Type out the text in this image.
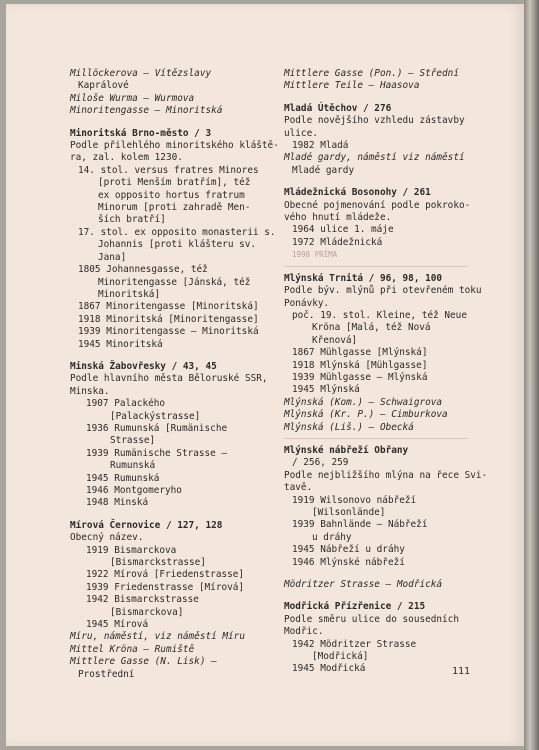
Millöckerova — Vítězslavy
Kaprálové
Miloše Wurma — Wurmova
Minoritengasse — Minoritská
Minoritská Brno-město / 3
Podle přilehlého minoritského kláště-
ra, zal. kolem 1230.
14. stol. versus fratres Minores
[proti Menším bratřím], též
ex opposito hortus fratrum
Minorum [proti zahradě Men-
ších bratří]
17. stol. ex opposito monasterii s.
Johannis [proti klášteru sv.
Jana]
1805 Johannesgasse, též
Minoritengasse [Jánská, též
Minoritská]
1867 Minoritengasse [Minoritská]
1918 Minoritská [Minoritengasse]
1939 Minoritengasse — Minoritská
1945 Minoritská
Minská Žabovřesky / 43, 45
Podle hlavního města Běloruské SSR,
Minska.
1907 Palackého
[Palackýstrasse]
1936 Rumunská [Rumänische
Strasse]
1939 Rumänische Strasse —
Rumunská
1945 Rumunská
1946 Montgomeryho
1948 Minská
Mírová Černovice / 127, 128
Obecný název.
1919 Bismarckova
[Bismarckstrasse]
1922 Mírová [Friedenstrasse]
1939 Friedenstrasse [Mírová]
1942 Bismarckstrasse
[Bismarckova]
1945 Mírová
Míru, náměstí, viz náměstí Míru
Mittel Kröna — Rumiště
Mittlere Gasse (N. Lisk) —
Prostřední
Mittlere Gasse (Pon.) — Střední
Mittlere Teile — Haasova
Mladá Útěchov / 276
Podle novějšího vzhledu zástavby
ulice.
1982 Mladá
Mladé gardy, náměstí viz náměstí
Mladé gardy
Mládežnická Bosonohy / 261
Obecné pojmenování podle pokroko-
vého hnutí mládeže.
1964 ulice 1. máje
1972 Mládežnická
1998 PRÍMA
Mlýnská Trnitá / 96, 98, 100
Podle býv. mlýnů při otevřeném toku
Ponávky.
poč. 19. stol. Kleine, též Neue
Kröna [Malá, též Nová
Křenová]
1867 Mühlgasse [Mlýnská]
1918 Mlýnská [Mühlgasse]
1939 Mühlgasse — Mlýnská
1945 Mlýnská
Mlýnská (Kom.) — Schwaigrova
Mlýnská (Kr. P.) — Cimburkova
Mlýnská (Liš.) — Obecká
Mlýnské nábřeží Obřany
/ 256, 259
Podle nejbližšího mlýna na řece Svi-
tavě.
1919 Wilsonovo nábřeží
[Wilsonlände]
1939 Bahnlände — Nábřeží
u dráhy
1945 Nábřeží u dráhy
1946 Mlýnské nábřeží
Mödritzer Strasse — Modřická
Modřická Přízřenice / 215
Podle směru ulice do sousedních
Modřic.
1942 Mödritzer Strasse
[Modřická]
1945 Modřická	111
